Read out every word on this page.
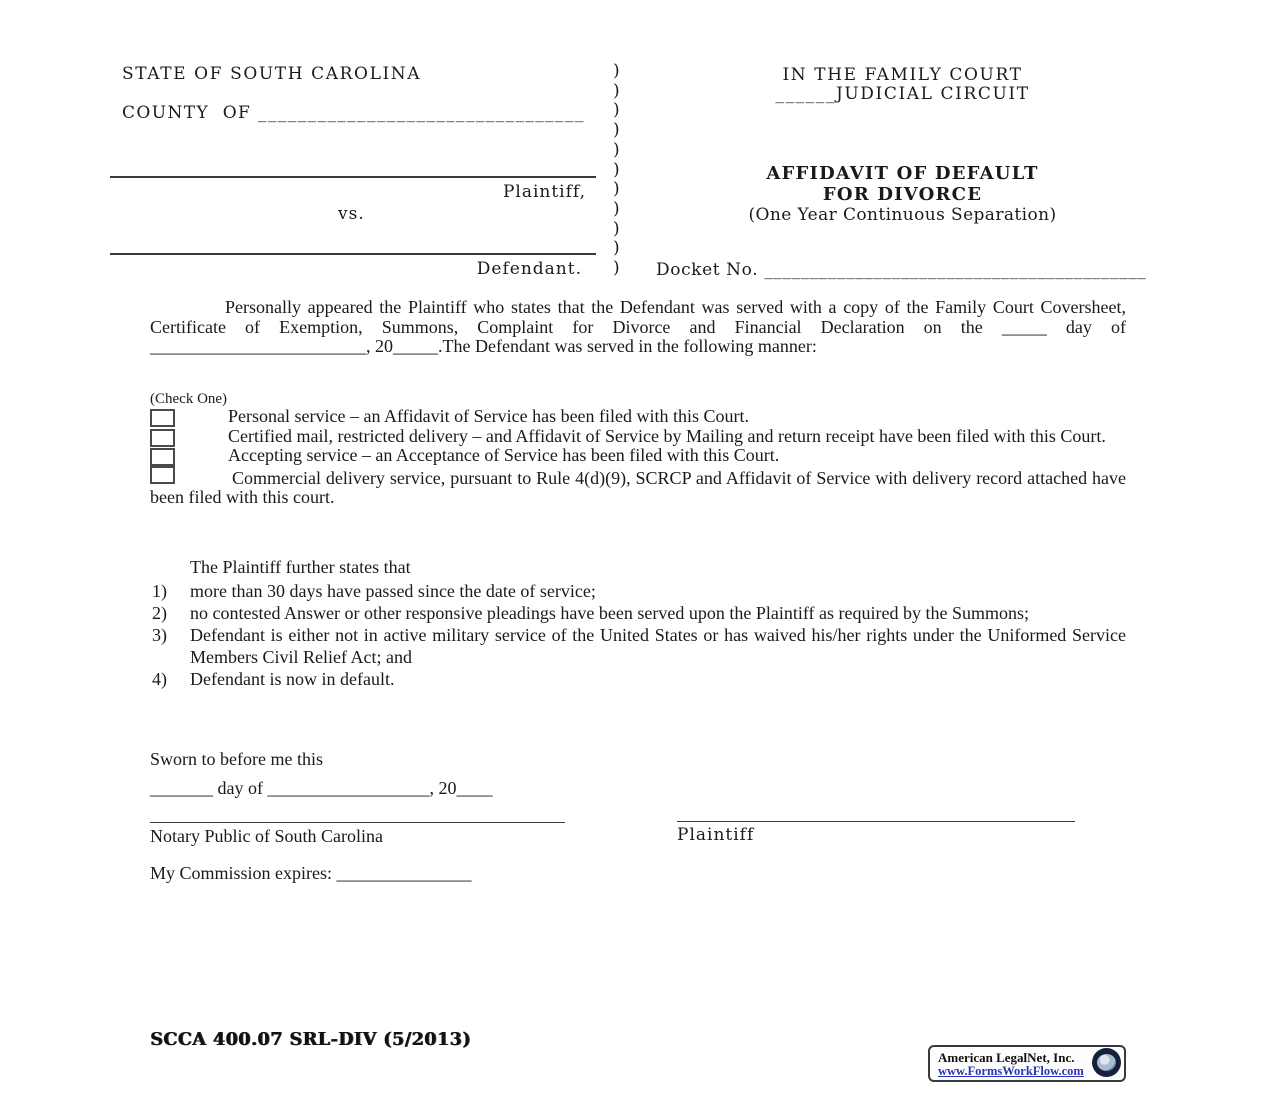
STATE OF SOUTH CAROLINA
COUNTY  OF _________________________________
Plaintiff,
vs.
Defendant.
)
)
)
)
)
)
)
)
)
)
)
IN THE FAMILY COURT
______JUDICIAL CIRCUIT
AFFIDAVIT OF DEFAULT
FOR DIVORCE
(One Year Continuous Separation)
Docket No. __________________________________________
Personally appeared the Plaintiff who states that the Defendant was served with a copy of the Family Court Coversheet, Certificate of Exemption, Summons, Complaint for Divorce and Financial Declaration on the _____ day of ________________________, 20_____.The Defendant was served in the following manner:
(Check One)
Personal service – an Affidavit of Service has been filed with this Court.
Certified mail, restricted delivery – and Affidavit of Service by Mailing and return receipt have been filed with this Court.
Accepting service – an Acceptance of Service has been filed with this Court.
Commercial delivery service, pursuant to Rule 4(d)(9), SCRCP and Affidavit of Service with delivery record attached have been filed with this court.
The Plaintiff further states that
1) more than 30 days have passed since the date of service;
2) no contested Answer or other responsive pleadings have been served upon the Plaintiff as required by the Summons;
3) Defendant is either not in active military service of the United States or has waived his/her rights under the Uniformed Service Members Civil Relief Act; and
4) Defendant is now in default.
Sworn to before me this
_______ day of __________________, 20____
Notary Public of South Carolina	Plaintiff
My Commission expires: _______________
SCCA 400.07 SRL-DIV (5/2013)
American LegalNet, Inc.
www.FormsWorkFlow.com
